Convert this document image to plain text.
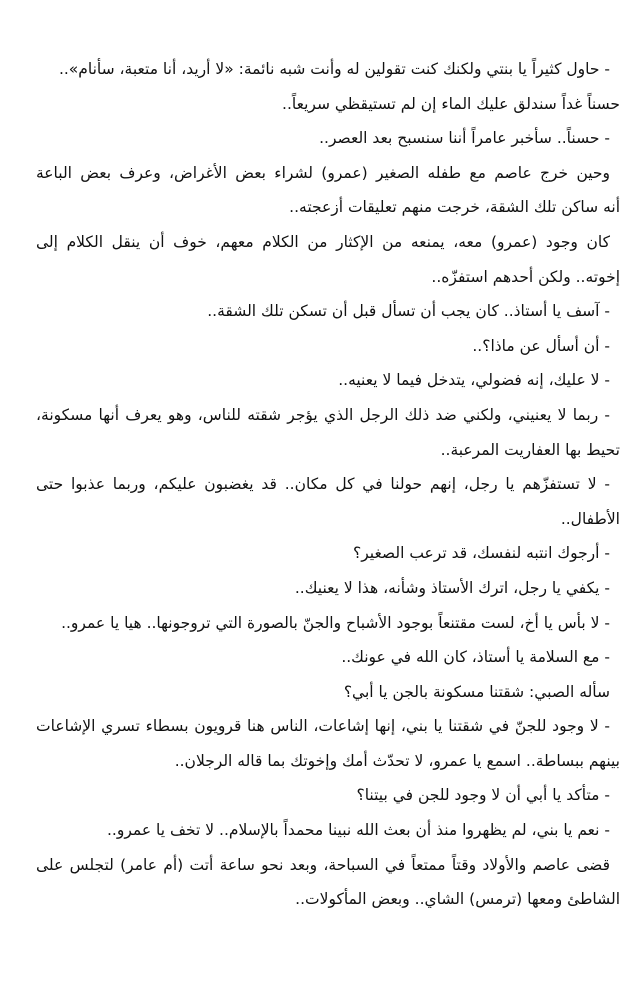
- حاول كثيراً يا بنتي ولكنك كنت تقولين له وأنت شبه نائمة: «لا أريد، أنا متعبة، سأنام»..
حسناً غداً سندلق عليك الماء إن لم تستيقظي سريعاً..
- حسناً.. سأخبر عامراً أننا سنسبح بعد العصر..
وحين خرج عاصم مع طفله الصغير (عمرو) لشراء بعض الأغراض، وعرف بعض الباعة
أنه ساكن تلك الشقة، خرجت منهم تعليقات أزعجته..
كان وجود (عمرو) معه، يمنعه من الإكثار من الكلام معهم، خوف أن ينقل الكلام إلى
إخوته.. ولكن أحدهم استفزّه..
- آسف يا أستاذ.. كان يجب أن تسأل قبل أن تسكن تلك الشقة..
- أن أسأل عن ماذا؟..
- لا عليك، إنه فضولي، يتدخل فيما لا يعنيه..
- ربما لا يعنيني، ولكني ضد ذلك الرجل الذي يؤجر شقته للناس، وهو يعرف أنها مسكونة،
تحيط بها العفاريت المرعبة..
- لا تستفزّهم يا رجل، إنهم حولنا في كل مكان.. قد يغضبون عليكم، وربما عذبوا حتى
الأطفال..
- أرجوك انتبه لنفسك، قد ترعب الصغير؟
- يكفي يا رجل، اترك الأستاذ وشأنه، هذا لا يعنيك..
- لا بأس يا أخ، لست مقتنعاً بوجود الأشباح والجنّ بالصورة التي تروجونها.. هيا يا عمرو..
- مع السلامة يا أستاذ، كان الله في عونك..
سأله الصبي: شقتنا مسكونة بالجن يا أبي؟
- لا وجود للجنّ في شقتنا يا بني، إنها إشاعات، الناس هنا قرويون بسطاء تسري الإشاعات
بينهم ببساطة.. اسمع يا عمرو، لا تحدّث أمك وإخوتك بما قاله الرجلان..
- متأكد يا أبي أن لا وجود للجن في بيتنا؟
- نعم يا بني، لم يظهروا منذ أن بعث الله نبينا محمداً بالإسلام.. لا تخف يا عمرو..
قضى عاصم والأولاد وقتاً ممتعاً في السباحة، وبعد نحو ساعة أتت (أم عامر) لتجلس على
الشاطئ ومعها (ترمس) الشاي.. وبعض المأكولات..
